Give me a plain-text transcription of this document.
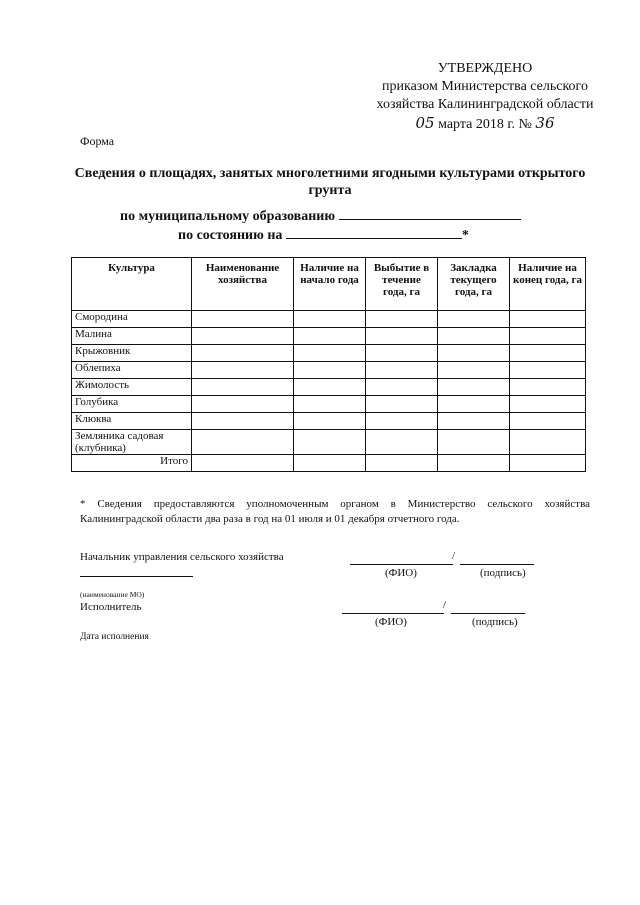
УТВЕРЖДЕНО
приказом Министерства сельского
хозяйства Калининградской области
05 марта 2018 г. № 36
Форма
Сведения о площадях, занятых многолетними ягодными культурами открытого грунта
по муниципальному образованию
по состоянию на	*
Культура	Наименование хозяйства	Наличие на начало года	Выбытие в течение года, га	Закладка текущего года, га	Наличие на конец года, га
Смородина					
Малина					
Крыжовник					
Облепиха					
Жимолость					
Голубика					
Клюква					
Земляника садовая (клубника)					
Итого					
* Сведения предоставляются уполномоченным органом в Министерство сельского хозяйства Калининградской области два раза в год на 01 июля и 01 декабря отчетного года.
Начальник управления сельского хозяйства	/
(ФИО)	(подпись)
(наименование МО)
Исполнитель	/
(ФИО)	(подпись)
Дата исполнения
